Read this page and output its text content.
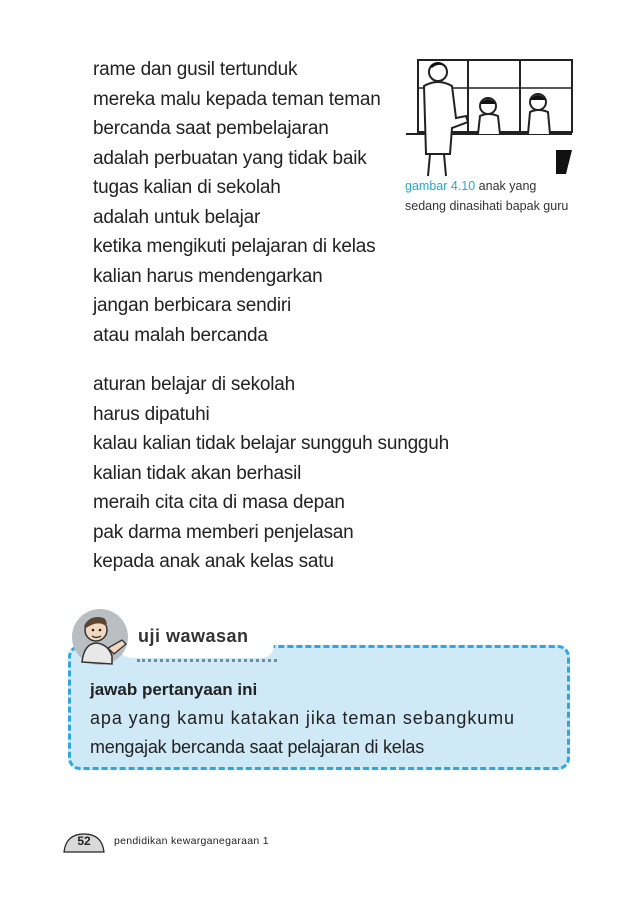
rame dan gusil tertunduk
mereka malu kepada teman teman
bercanda saat pembelajaran
adalah perbuatan yang tidak baik
tugas kalian di sekolah
adalah untuk belajar
ketika mengikuti pelajaran di kelas
kalian harus mendengarkan
jangan berbicara sendiri
atau malah bercanda
gambar 4.10 anak yang sedang dinasihati bapak guru
aturan belajar di sekolah
harus dipatuhi
kalau kalian tidak belajar sungguh sungguh
kalian tidak akan berhasil
meraih cita cita di masa depan
pak darma memberi penjelasan
kepada anak anak kelas satu
uji wawasan
jawab pertanyaan ini
apa yang kamu katakan jika teman sebangkumu
mengajak bercanda saat pelajaran di kelas
52	pendidikan kewarganegaraan 1
